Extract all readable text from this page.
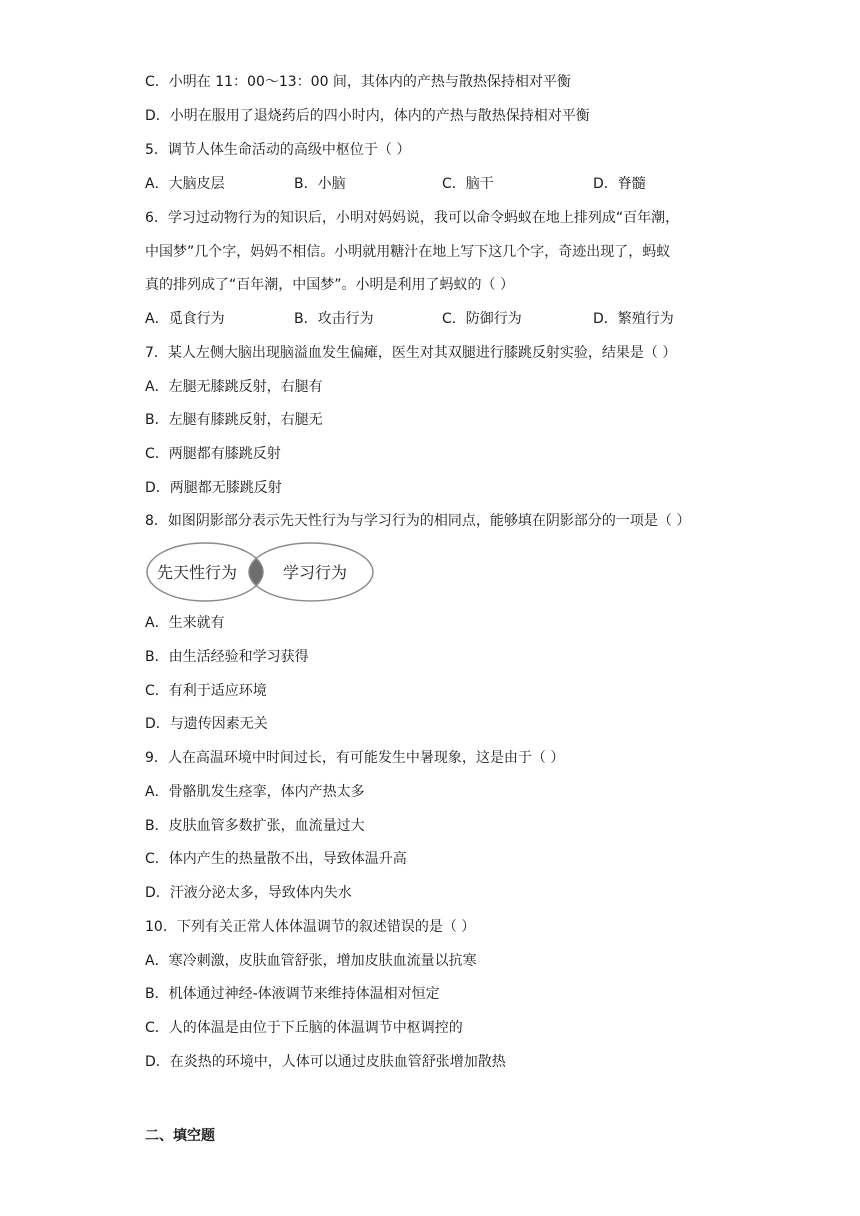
C．小明在 11：00～13：00 间，其体内的产热与散热保持相对平衡
D．小明在服用了退烧药后的四小时内，体内的产热与散热保持相对平衡
5．调节人体生命活动的高级中枢位于（ ）
A．大脑皮层	B．小脑	C．脑干	D．脊髓
6．学习过动物行为的知识后，小明对妈妈说，我可以命令蚂蚁在地上排列成“百年潮，
中国梦”几个字，妈妈不相信。小明就用糖汁在地上写下这几个字，奇迹出现了，蚂蚁
真的排列成了“百年潮，中国梦”。小明是利用了蚂蚁的（ ）
A．觅食行为	B．攻击行为	C．防御行为	D．繁殖行为
7．某人左侧大脑出现脑溢血发生偏瘫，医生对其双腿进行膝跳反射实验，结果是（ ）
A．左腿无膝跳反射，右腿有
B．左腿有膝跳反射，右腿无
C．两腿都有膝跳反射
D．两腿都无膝跳反射
8．如图阴影部分表示先天性行为与学习行为的相同点，能够填在阴影部分的一项是（ ）
先天性行为	学习行为
A．生来就有
B．由生活经验和学习获得
C．有利于适应环境
D．与遗传因素无关
9．人在高温环境中时间过长，有可能发生中暑现象，这是由于（ ）
A．骨骼肌发生痉挛，体内产热太多
B．皮肤血管多数扩张，血流量过大
C．体内产生的热量散不出，导致体温升高
D．汗液分泌太多，导致体内失水
10．下列有关正常人体体温调节的叙述错误的是（ ）
A．寒冷刺激，皮肤血管舒张，增加皮肤血流量以抗寒
B．机体通过神经-体液调节来维持体温相对恒定
C．人的体温是由位于下丘脑的体温调节中枢调控的
D．在炎热的环境中，人体可以通过皮肤血管舒张增加散热
二、填空题
